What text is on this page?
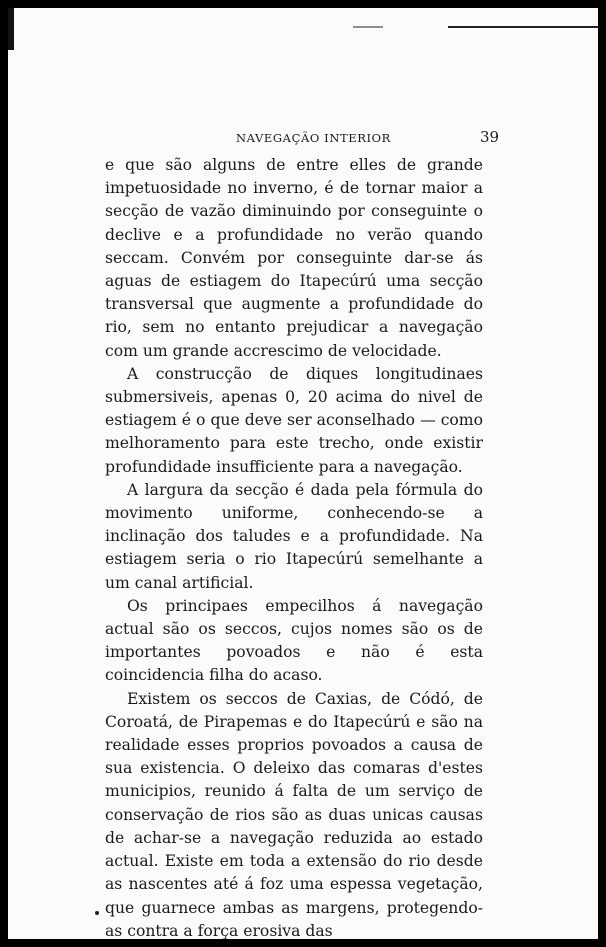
NAVEGAÇÃO INTERIOR	39

e que são alguns de entre elles de grande impetuosidade no inverno, é de tornar maior a secção de vazão diminuindo por conseguinte o declive e a profundidade no verão quando seccam. Convém por conseguinte dar-se ás aguas de estiagem do Itapecúrú uma secção transversal que augmente a profundidade do rio, sem no entanto prejudicar a navegação com um grande accrescimo de velocidade.

A construcção de diques longitudinaes submersiveis, apenas 0, 20 acima do nivel de estiagem é o que deve ser aconselhado — como melhoramento para este trecho, onde existir profundidade insufficiente para a navegação.

A largura da secção é dada pela fórmula do movimento uniforme, conhecendo-se a inclinação dos taludes e a profundidade. Na estiagem seria o rio Itapecúrú semelhante a um canal artificial.

Os principaes empecilhos á navegação actual são os seccos, cujos nomes são os de importantes povoados e não é esta coincidencia filha do acaso.

Existem os seccos de Caxias, de Códó, de Coroatá, de Pirapemas e do Itapecúrú e são na realidade esses proprios povoados a causa de sua existencia. O deleixo das comaras d'estes municipios, reunido á falta de um serviço de conservação de rios são as duas unicas causas de achar-se a navegação reduzida ao estado actual. Existe em toda a extensão do rio desde as nascentes até á foz uma espessa vegetação, que guarnece ambas as margens, protegendo-as contra a força erosiva das
